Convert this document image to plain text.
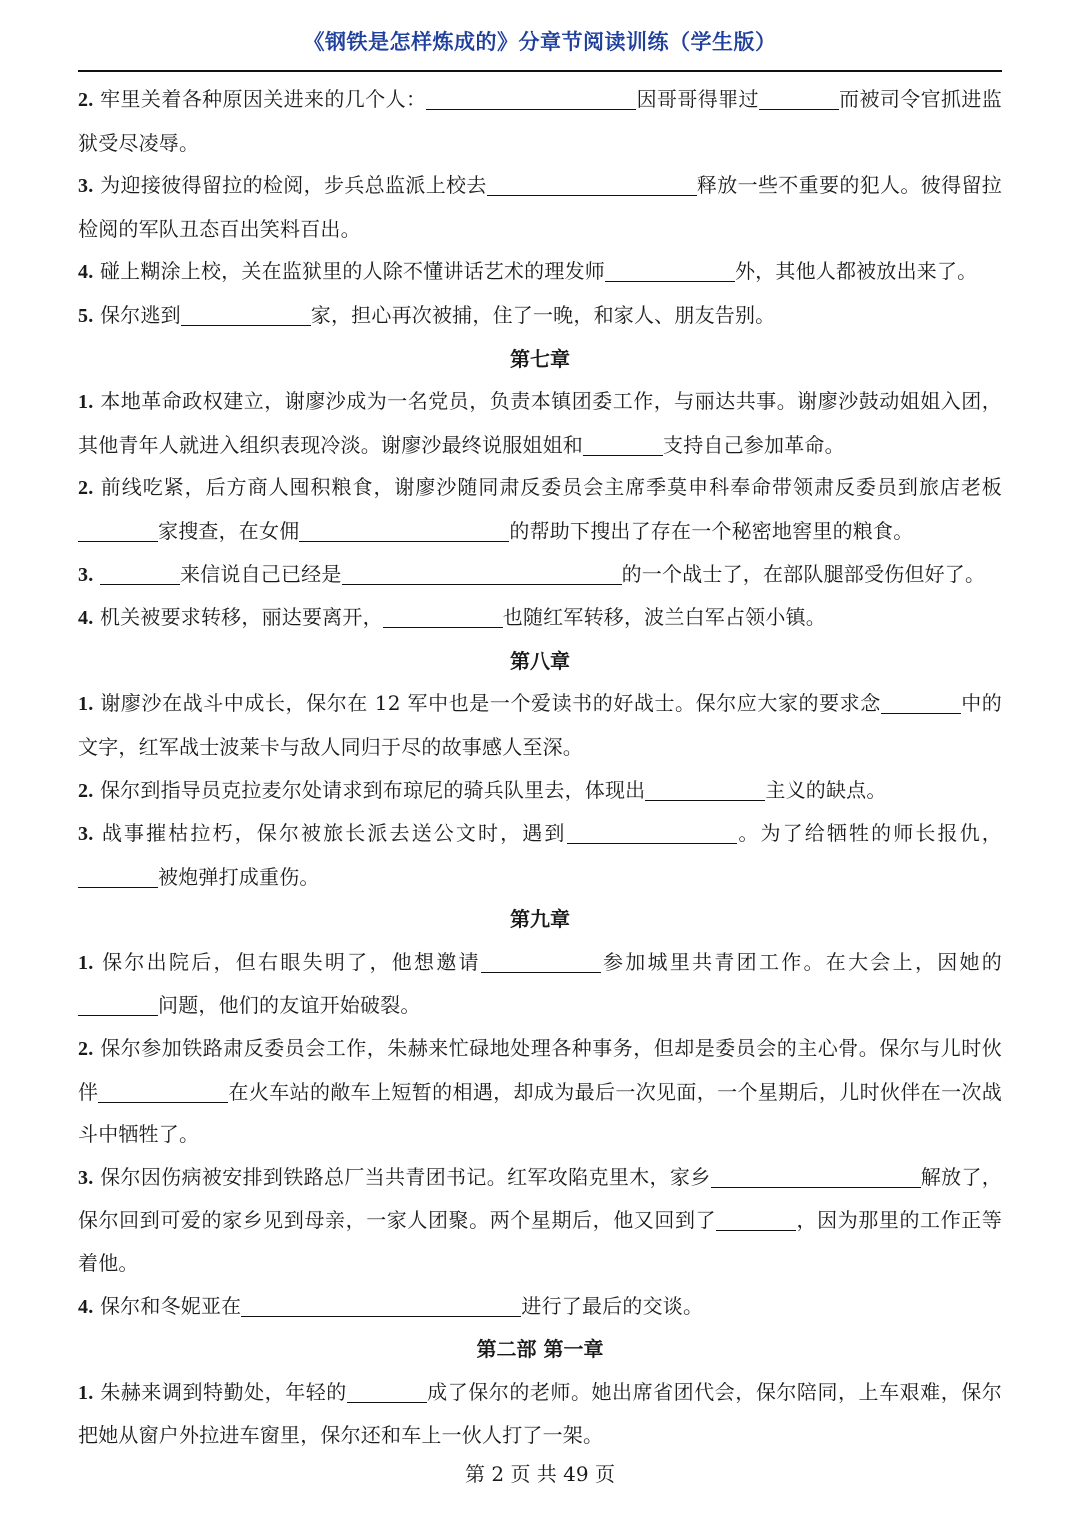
《钢铁是怎样炼成的》分章节阅读训练（学生版）

2. 牢里关着各种原因关进来的几个人：	因哥哥得罪过	而被司令官抓进监狱受尽凌辱。

3. 为迎接彼得留拉的检阅，步兵总监派上校去	释放一些不重要的犯人。彼得留拉检阅的军队丑态百出笑料百出。

4. 碰上糊涂上校，关在监狱里的人除不懂讲话艺术的理发师	外，其他人都被放出来了。

5. 保尔逃到	家，担心再次被捕，住了一晚，和家人、朋友告别。

第七章

1. 本地革命政权建立，谢廖沙成为一名党员，负责本镇团委工作，与丽达共事。谢廖沙鼓动姐姐入团，其他青年人就进入组织表现冷淡。谢廖沙最终说服姐姐和	支持自己参加革命。

2. 前线吃紧，后方商人囤积粮食，谢廖沙随同肃反委员会主席季莫申科奉命带领肃反委员到旅店老板家搜查，在女佣	的帮助下搜出了存在一个秘密地窖里的粮食。

3.	来信说自己已经是	的一个战士了，在部队腿部受伤但好了。

4. 机关被要求转移，丽达要离开，	也随红军转移，波兰白军占领小镇。

第八章

1. 谢廖沙在战斗中成长，保尔在 12 军中也是一个爱读书的好战士。保尔应大家的要求念	中的文字，红军战士波莱卡与敌人同归于尽的故事感人至深。

2. 保尔到指导员克拉麦尔处请求到布琼尼的骑兵队里去，体现出	主义的缺点。

3. 战事摧枯拉朽，保尔被旅长派去送公文时，遇到	。为了给牺牲的师长报仇，被炮弹打成重伤。

第九章

1. 保尔出院后，但右眼失明了，他想邀请	参加城里共青团工作。在大会上，因她的问题，他们的友谊开始破裂。

2. 保尔参加铁路肃反委员会工作，朱赫来忙碌地处理各种事务，但却是委员会的主心骨。保尔与儿时伙伴	在火车站的敞车上短暂的相遇，却成为最后一次见面，一个星期后，儿时伙伴在一次战斗中牺牲了。

3. 保尔因伤病被安排到铁路总厂当共青团书记。红军攻陷克里木，家乡	解放了，保尔回到可爱的家乡见到母亲，一家人团聚。两个星期后，他又回到了	，因为那里的工作正等着他。

4. 保尔和冬妮亚在	进行了最后的交谈。

第二部 第一章

1. 朱赫来调到特勤处，年轻的	成了保尔的老师。她出席省团代会，保尔陪同，上车艰难，保尔把她从窗户外拉进车窗里，保尔还和车上一伙人打了一架。

第 2 页 共 49 页
